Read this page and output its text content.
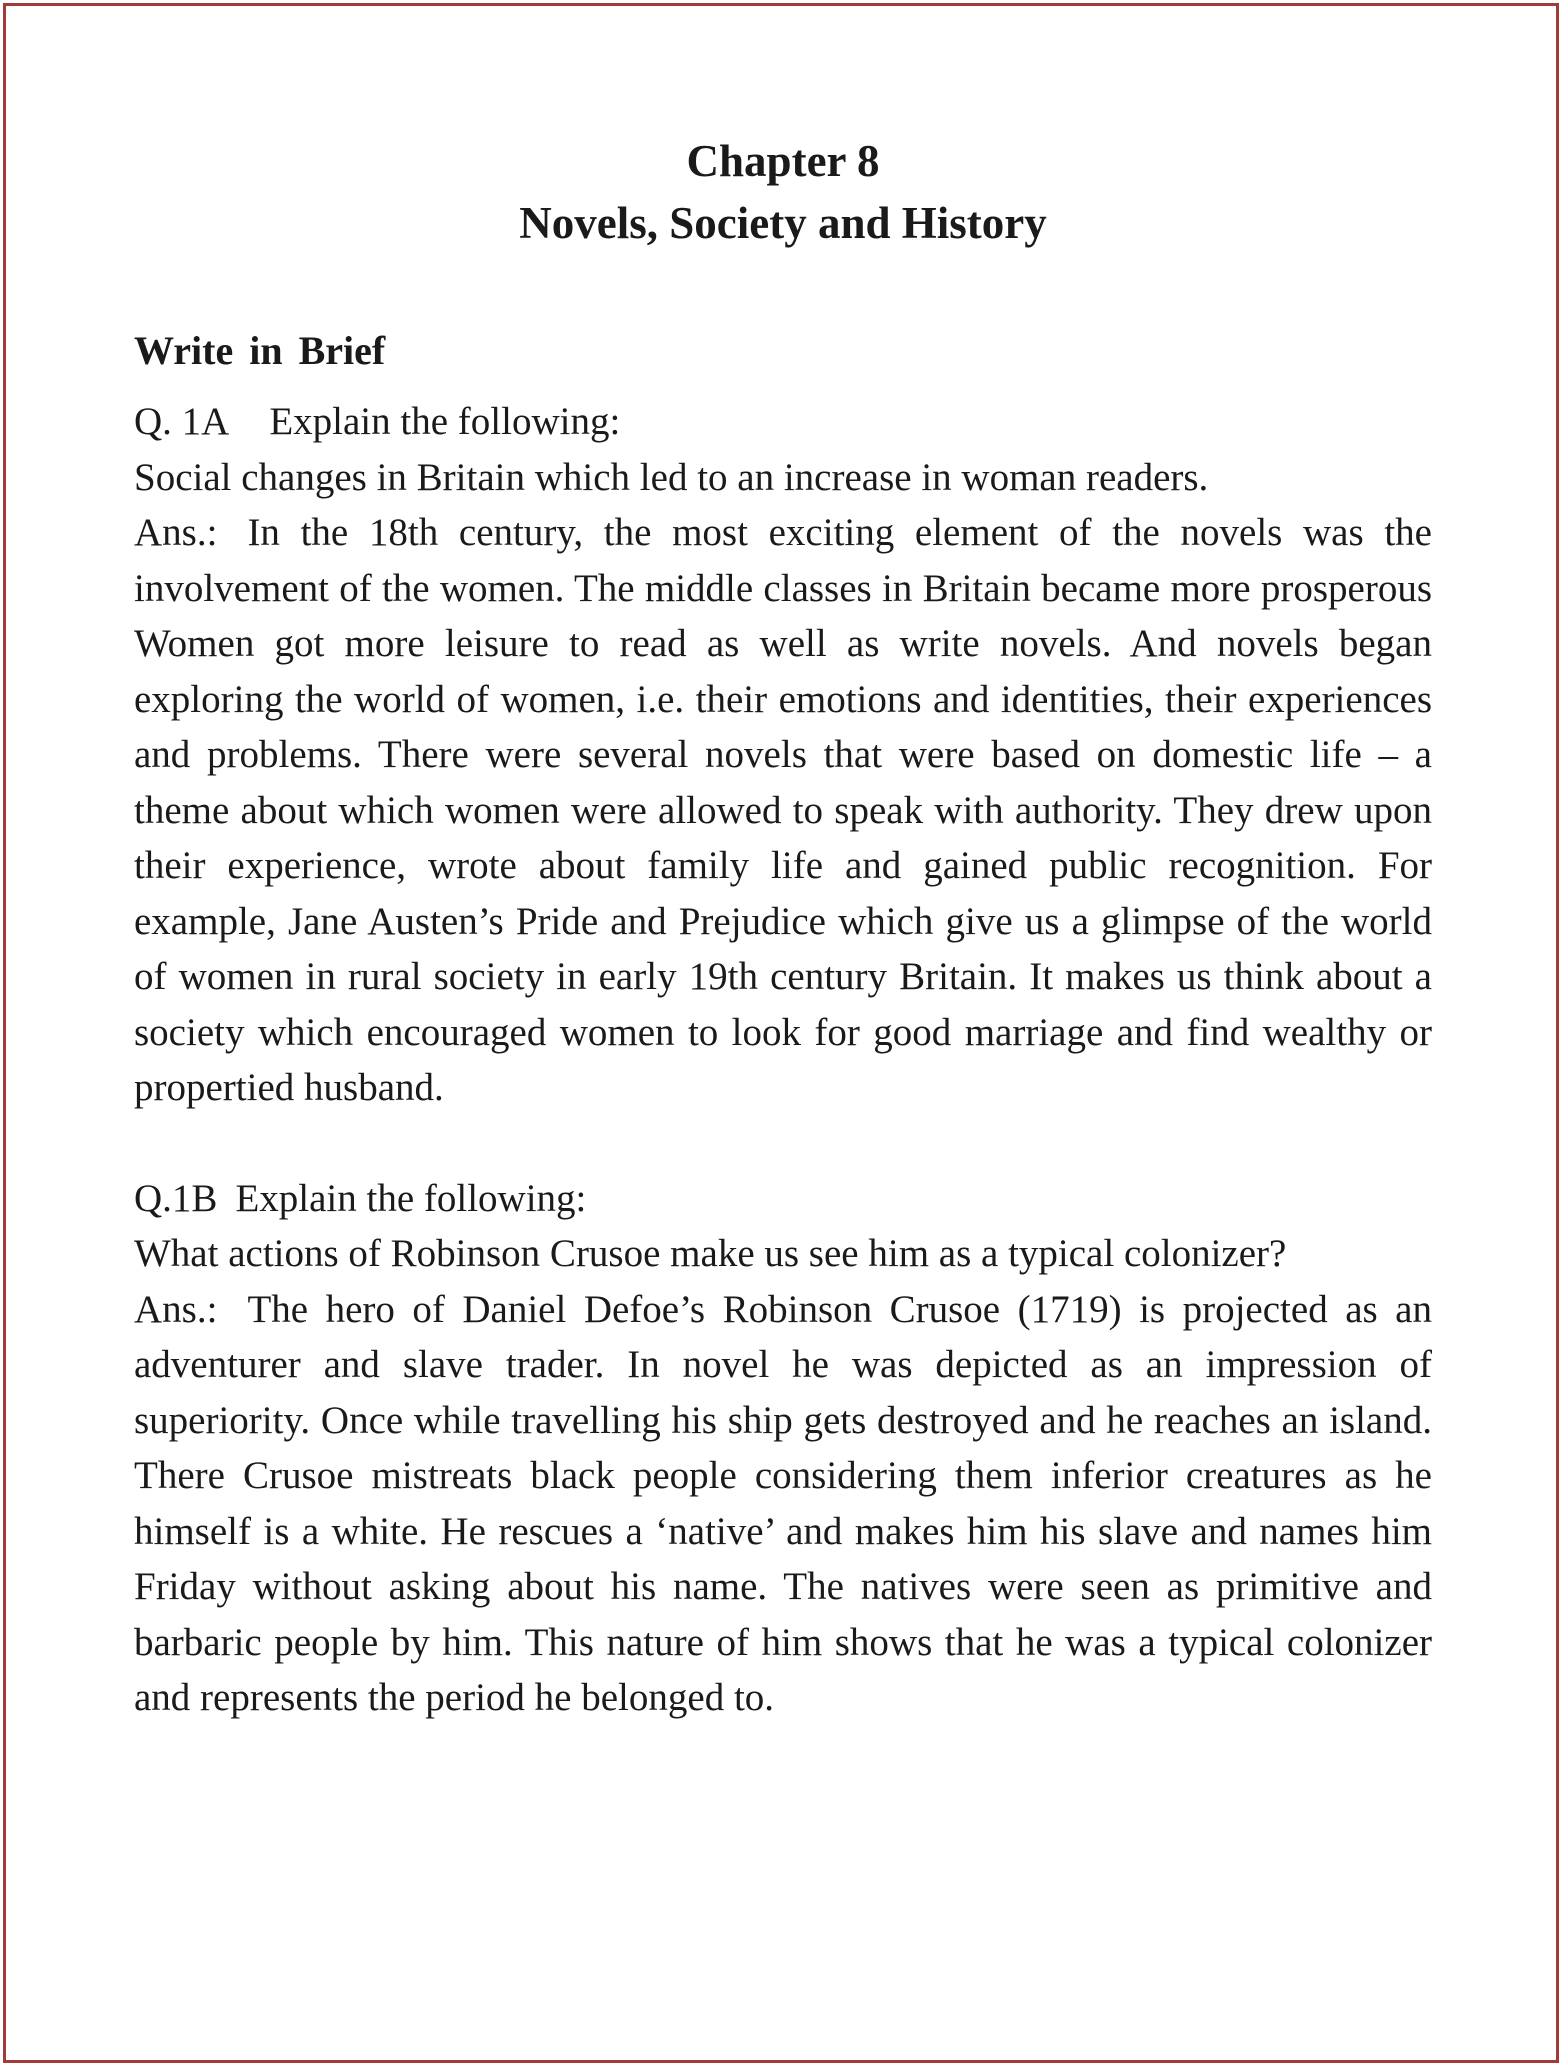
Chapter 8
Novels, Society and History
Write in Brief
Q. 1A Explain the following:
Social changes in Britain which led to an increase in woman readers.

Ans.: In the 18th century, the most exciting element of the novels was the involvement of the women. The middle classes in Britain became more prosperous Women got more leisure to read as well as write novels. And novels began exploring the world of women, i.e. their emotions and identities, their experiences and problems. There were several novels that were based on domestic life – a theme about which women were allowed to speak with authority. They drew upon their experience, wrote about family life and gained public recognition. For example, Jane Austen’s Pride and Prejudice which give us a glimpse of the world of women in rural society in early 19th century Britain. It makes us think about a society which encouraged women to look for good marriage and find wealthy or propertied husband.

Q.1B Explain the following:
What actions of Robinson Crusoe make us see him as a typical colonizer?

Ans.: The hero of Daniel Defoe’s Robinson Crusoe (1719) is projected as an adventurer and slave trader. In novel he was depicted as an impression of superiority. Once while travelling his ship gets destroyed and he reaches an island. There Crusoe mistreats black people considering them inferior creatures as he himself is a white. He rescues a ‘native’ and makes him his slave and names him Friday without asking about his name. The natives were seen as primitive and barbaric people by him. This nature of him shows that he was a typical colonizer and represents the period he belonged to.
